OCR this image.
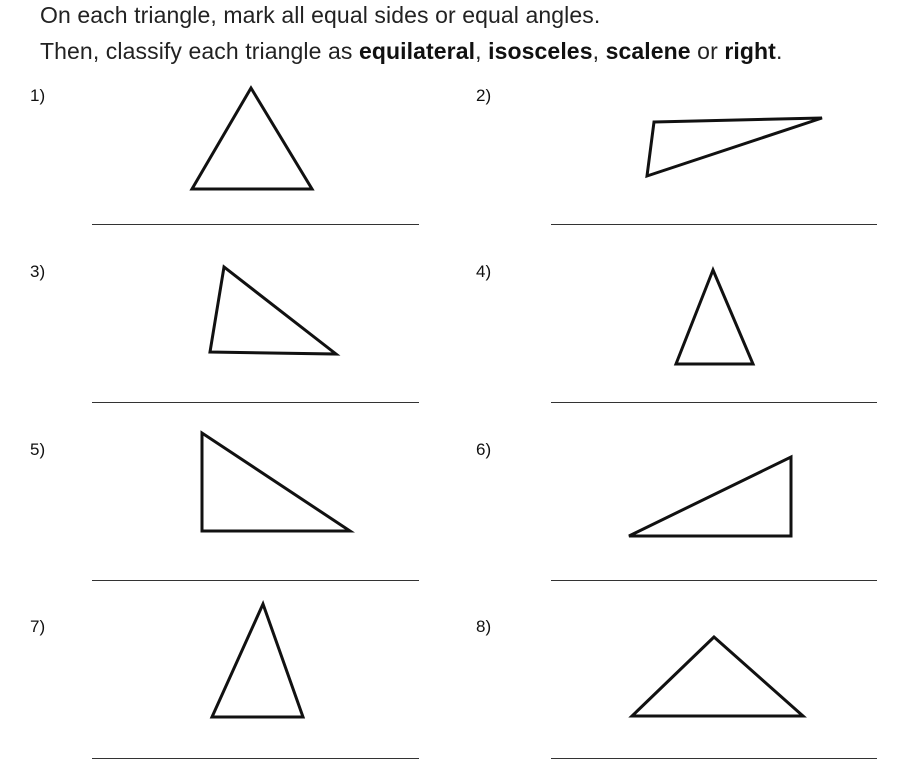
On each triangle, mark all equal sides or equal angles.
Then, classify each triangle as equilateral, isosceles, scalene or right.
1)	2)
3)	4)
5)	6)
7)	8)
